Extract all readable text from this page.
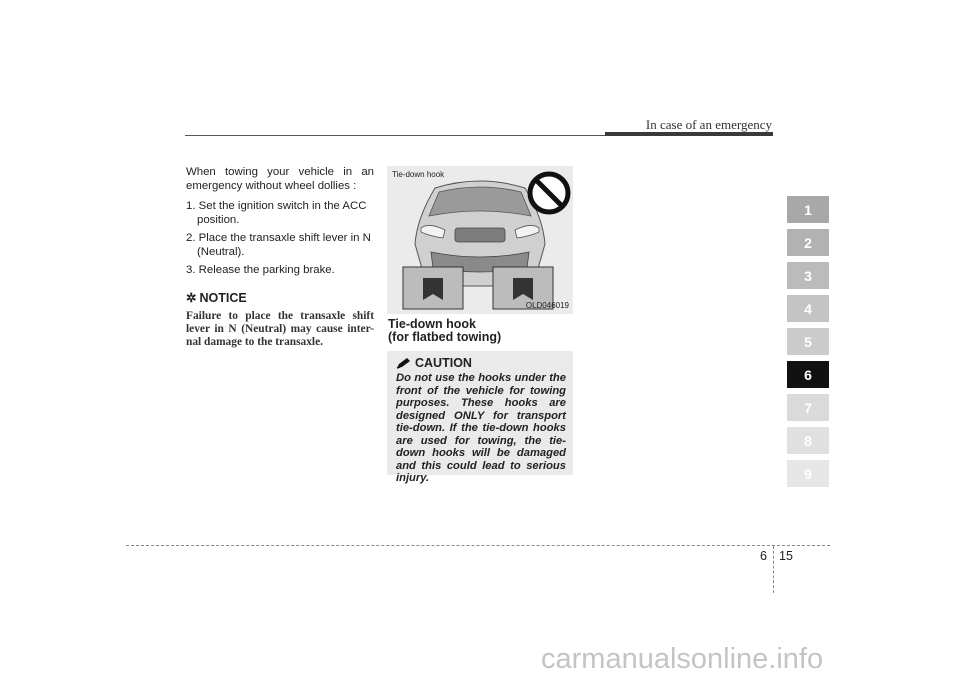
In case of an emergency

When towing your vehicle in an emergency without wheel dollies :

1. Set the ignition switch in the ACC position.
2. Place the transaxle shift lever in N (Neutral).
3. Release the parking brake.
✲ NOTICE
Failure to place the transaxle shift lever in N (Neutral) may cause inter-nal damage to the transaxle.
Tie-down hook
OLD046019
Tie-down hook
(for flatbed towing)
CAUTION
Do not use the hooks under the front of the vehicle for towing purposes. These hooks are designed ONLY for transport tie-down. If the tie-down hooks are used for towing, the tie-down hooks will be damaged and this could lead to serious injury.
1
2
3
4
5
6
7
8
9
6 15
carmanualsonline.info
